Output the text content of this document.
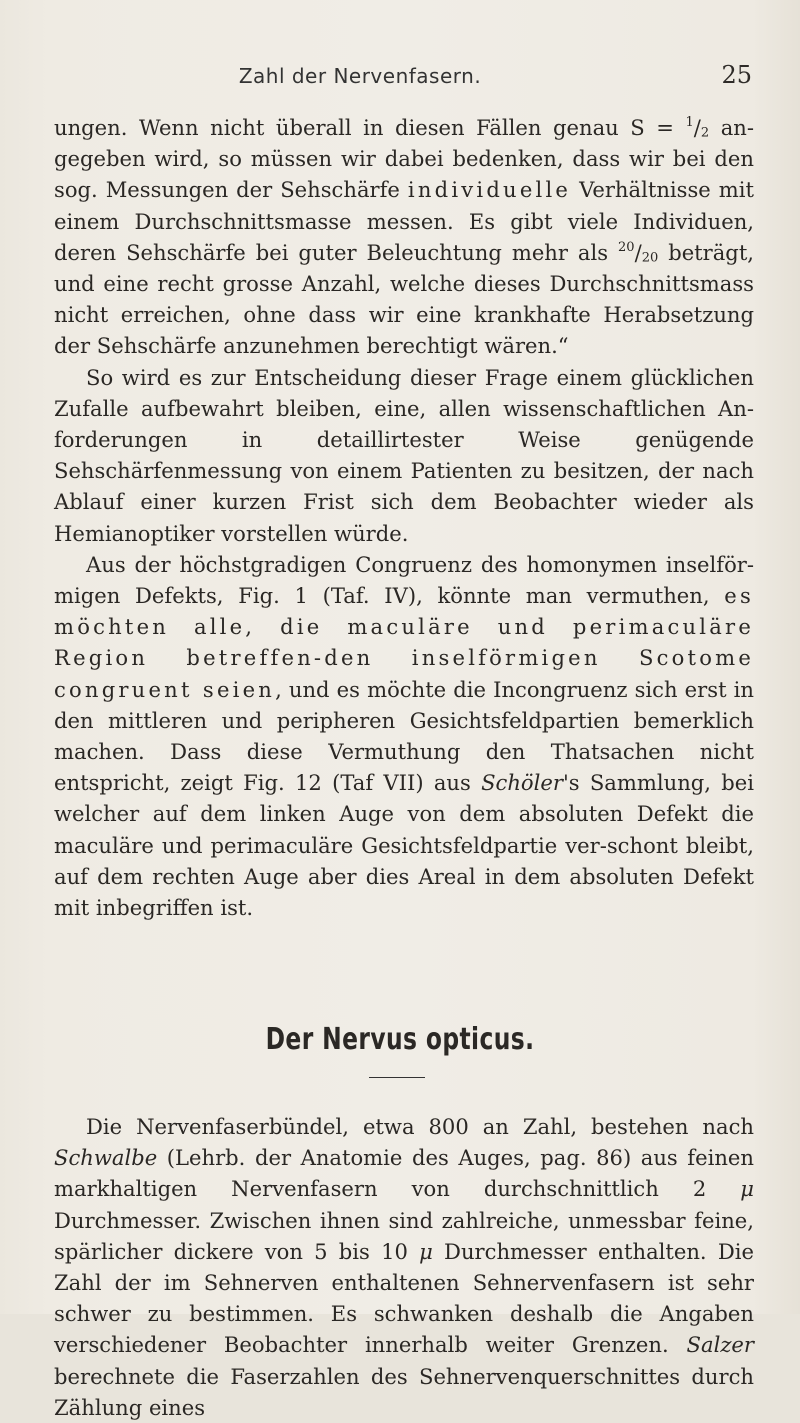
Zahl der Nervenfasern.	25

ungen. Wenn nicht überall in diesen Fällen genau $S = ^1/_2$ an-gegeben wird, so müssen wir dabei bedenken, dass wir bei den sog. Messungen der Sehschärfe individuelle Verhältnisse mit einem Durchschnittsmasse messen. Es gibt viele Individuen, deren Sehschärfe bei guter Beleuchtung mehr als $^{20}/_{20}$ beträgt, und eine recht grosse Anzahl, welche dieses Durchschnittsmass nicht erreichen, ohne dass wir eine krankhafte Herabsetzung der Sehschärfe anzunehmen berechtigt wären.“

So wird es zur Entscheidung dieser Frage einem glücklichen Zufalle aufbewahrt bleiben, eine, allen wissenschaftlichen An-forderungen in detaillirtester Weise genügende Sehschärfenmessung von einem Patienten zu besitzen, der nach Ablauf einer kurzen Frist sich dem Beobachter wieder als Hemianoptiker vorstellen würde.

Aus der höchstgradigen Congruenz des homonymen inselför-migen Defekts, Fig. 1 (Taf. IV), könnte man vermuthen, es möchten alle, die maculäre und perimaculäre Region betreffen-den inselförmigen Scotome congruent seien, und es möchte die Incongruenz sich erst in den mittleren und peripheren Gesichtsfeldpartien bemerklich machen. Dass diese Vermuthung den Thatsachen nicht entspricht, zeigt Fig. 12 (Taf VII) aus Schöler's Sammlung, bei welcher auf dem linken Auge von dem absoluten Defekt die maculäre und perimaculäre Gesichtsfeldpartie ver-schont bleibt, auf dem rechten Auge aber dies Areal in dem absoluten Defekt mit inbegriffen ist.

Der Nervus opticus.

Die Nervenfaserbündel, etwa 800 an Zahl, bestehen nach Schwalbe (Lehrb. der Anatomie des Auges, pag. 86) aus feinen markhaltigen Nervenfasern von durchschnittlich 2 μ Durchmesser. Zwischen ihnen sind zahlreiche, unmessbar feine, spärlicher dickere von 5 bis 10 μ Durchmesser enthalten. Die Zahl der im Sehnerven enthaltenen Sehnervenfasern ist sehr schwer zu bestimmen. Es schwanken deshalb die Angaben verschiedener Beobachter innerhalb weiter Grenzen. Salzer berechnete die Faserzahlen des Sehnervenquerschnittes durch Zählung eines
